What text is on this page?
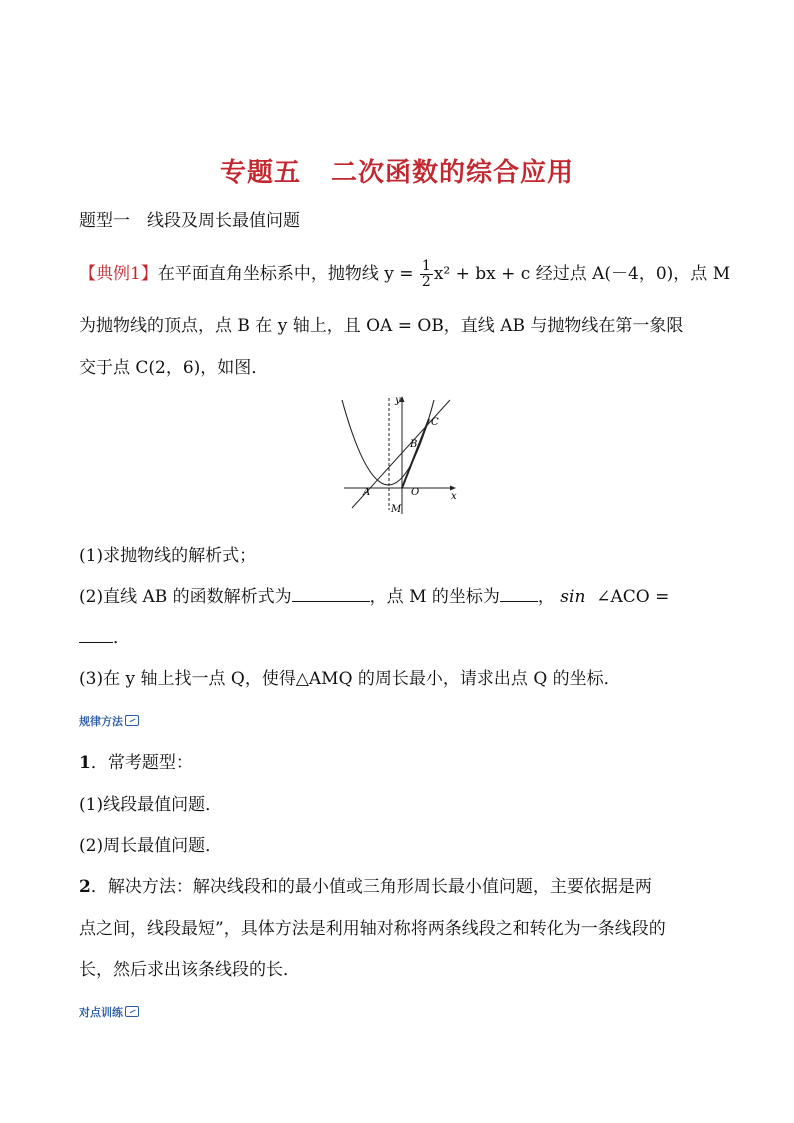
专题五 二次函数的综合应用
题型一　线段及周长最值问题
【典例1】在平面直角坐标系中，抛物线 $y = \frac{1}{2} x^2$ + bx + c 经过点 A(－4，0)，点 M
为抛物线的顶点，点 B 在 y 轴上，且 OA = OB，直线 AB 与抛物线在第一象限
交于点 C(2，6)，如图．
y
x
C
B
A	O
M
(1)求抛物线的解析式；
(2)直线 AB 的函数解析式为	，点 M 的坐标为 ， sin ∠ACO =
．
(3)在 y 轴上找一点 Q，使得△AMQ 的周长最小，请求出点 Q 的坐标．
规律方法
1．常考题型：
(1)线段最值问题．
(2)周长最值问题．
2．解决方法：解决线段和的最小值或三角形周长最小值问题，主要依据是两
点之间，线段最短”，具体方法是利用轴对称将两条线段之和转化为一条线段的
长，然后求出该条线段的长．
对点训练
